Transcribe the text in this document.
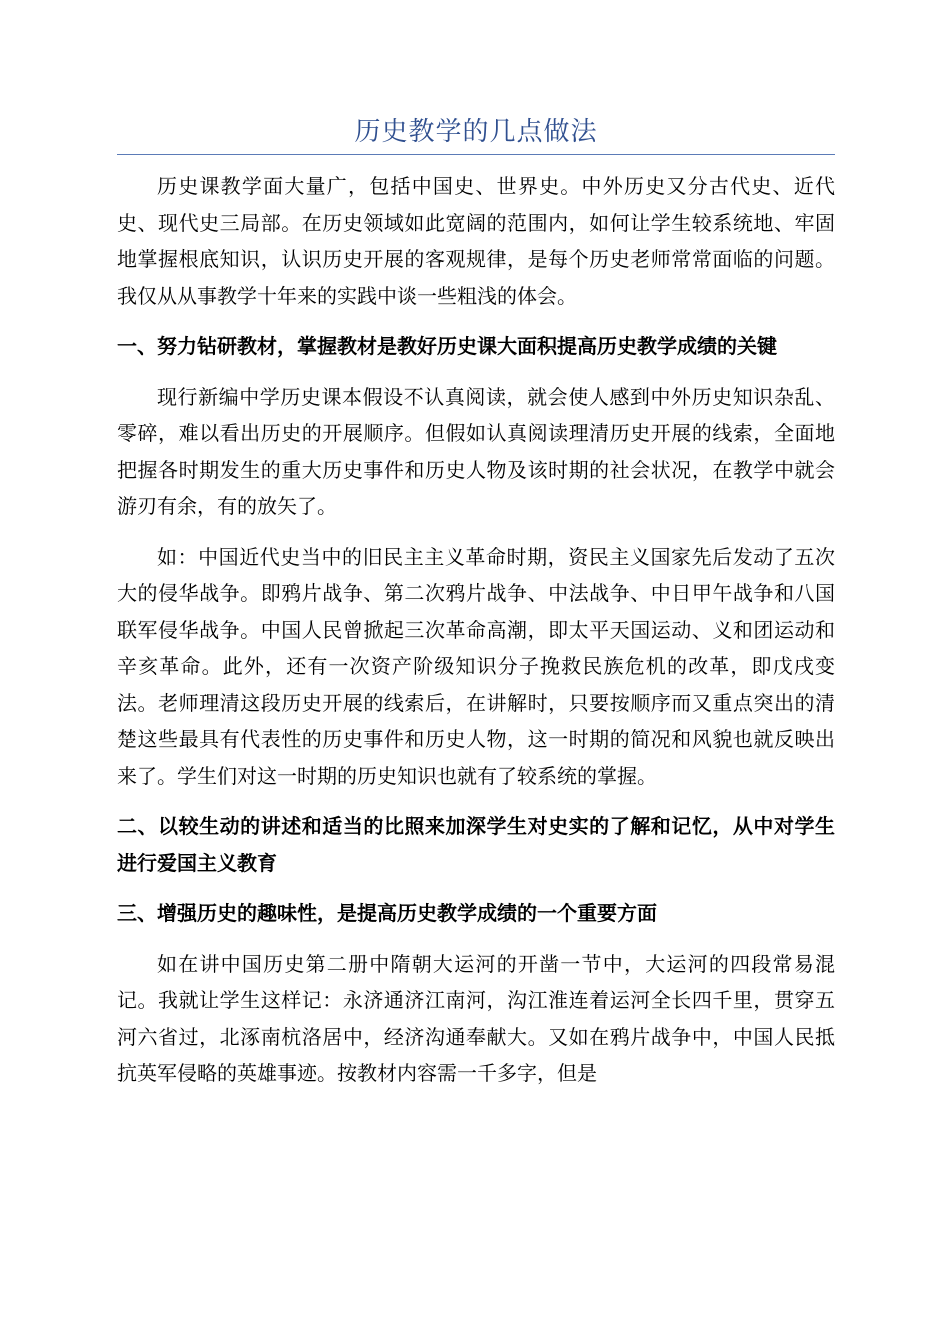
历史教学的几点做法

历史课教学面大量广，包括中国史、世界史。中外历史又分古代史、近代史、现代史三局部。在历史领域如此宽阔的范围内，如何让学生较系统地、牢固地掌握根底知识，认识历史开展的客观规律，是每个历史老师常常面临的问题。我仅从从事教学十年来的实践中谈一些粗浅的体会。

一、努力钻研教材，掌握教材是教好历史课大面积提高历史教学成绩的关键

现行新编中学历史课本假设不认真阅读，就会使人感到中外历史知识杂乱、零碎，难以看出历史的开展顺序。但假如认真阅读理清历史开展的线索，全面地把握各时期发生的重大历史事件和历史人物及该时期的社会状况，在教学中就会游刃有余，有的放矢了。

如：中国近代史当中的旧民主主义革命时期，资民主义国家先后发动了五次大的侵华战争。即鸦片战争、第二次鸦片战争、中法战争、中日甲午战争和八国联军侵华战争。中国人民曾掀起三次革命高潮，即太平天国运动、义和团运动和辛亥革命。此外，还有一次资产阶级知识分子挽救民族危机的改革，即戊戌变法。老师理清这段历史开展的线索后，在讲解时，只要按顺序而又重点突出的清楚这些最具有代表性的历史事件和历史人物，这一时期的简况和风貌也就反映出来了。学生们对这一时期的历史知识也就有了较系统的掌握。

二、以较生动的讲述和适当的比照来加深学生对史实的了解和记忆，从中对学生进行爱国主义教育

三、增强历史的趣味性，是提高历史教学成绩的一个重要方面

如在讲中国历史第二册中隋朝大运河的开凿一节中，大运河的四段常易混记。我就让学生这样记：永济通济江南河，沟江淮连着运河全长四千里，贯穿五河六省过，北涿南杭洛居中，经济沟通奉献大。又如在鸦片战争中，中国人民抵抗英军侵略的英雄事迹。按教材内容需一千多字，但是
